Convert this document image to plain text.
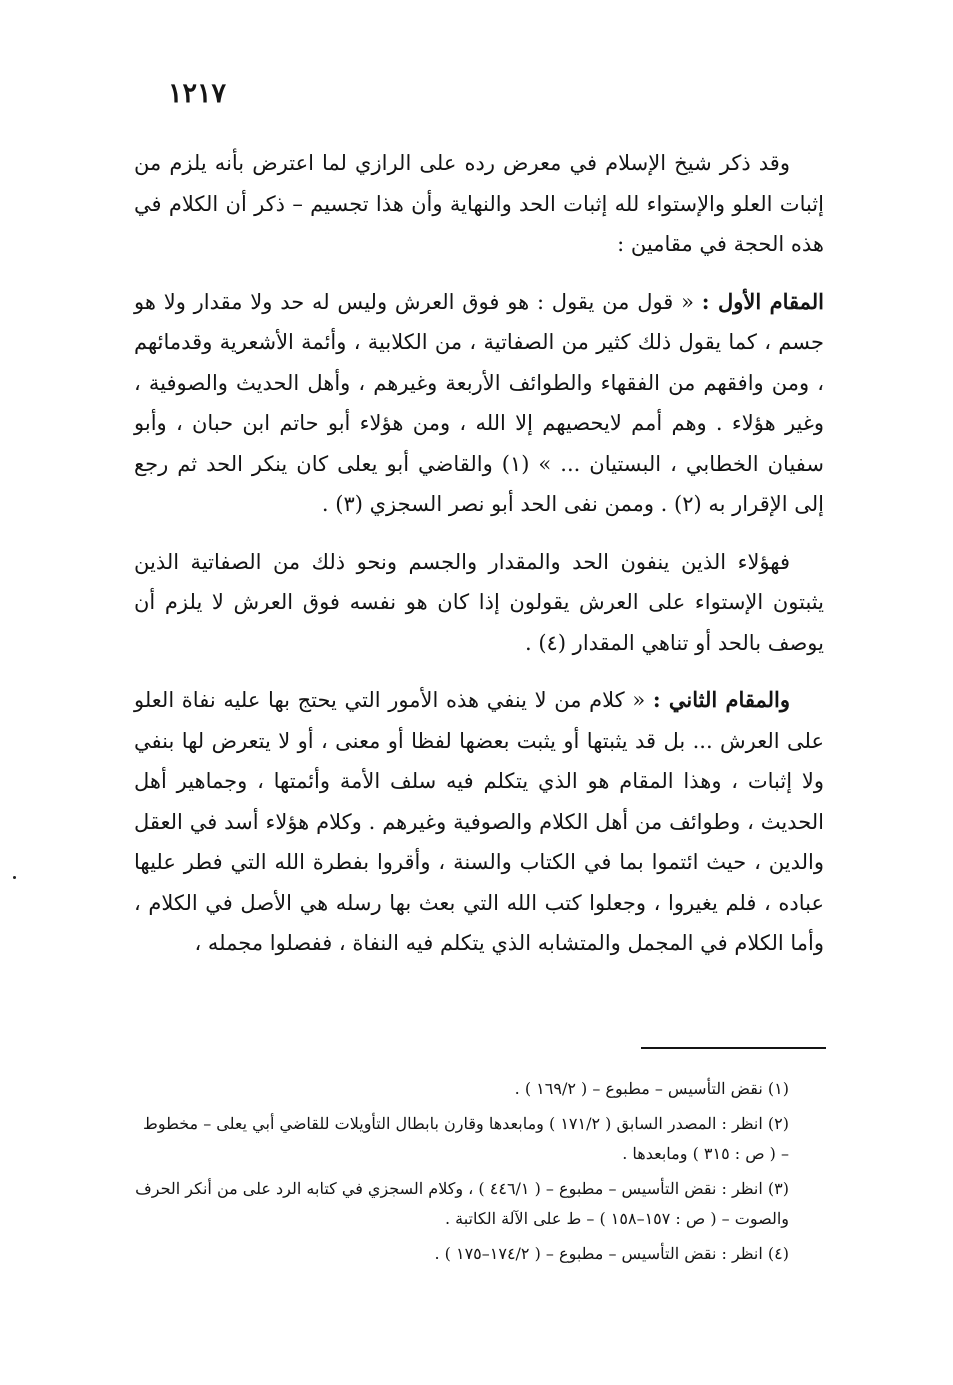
١٢١٧

وقد ذكر شيخ الإسلام في معرض رده على الرازي لما اعترض بأنه يلزم من إثبات العلو والإستواء لله إثبات الحد والنهاية وأن هذا تجسيم – ذكر أن الكلام في هذه الحجة في مقامين :

المقام الأول : « قول من يقول : هو فوق العرش وليس له حد ولا مقدار ولا هو جسم ، كما يقول ذلك كثير من الصفاتية ، من الكلابية ، وأئمة الأشعرية وقدمائهم ، ومن وافقهم من الفقهاء والطوائف الأربعة وغيرهم ، وأهل الحديث والصوفية ، وغير هؤلاء . وهم أمم لايحصيهم إلا الله ، ومن هؤلاء أبو حاتم ابن حبان ، وأبو سفيان الخطابي ، البستيان ... » (١) والقاضي أبو يعلى كان ينكر الحد ثم رجع إلى الإقرار به (٢) . وممن نفى الحد أبو نصر السجزي (٣) .

فهؤلاء الذين ينفون الحد والمقدار والجسم ونحو ذلك من الصفاتية الذين يثبتون الإستواء على العرش يقولون إذا كان هو نفسه فوق العرش لا يلزم أن يوصف بالحد أو تناهي المقدار (٤) .

والمقام الثاني : « كلام من لا ينفي هذه الأمور التي يحتج بها عليه نفاة العلو على العرش ... بل قد يثبتها أو يثبت بعضها لفظا أو معنى ، أو لا يتعرض لها بنفي ولا إثبات ، وهذا المقام هو الذي يتكلم فيه سلف الأمة وأئمتها ، وجماهير أهل الحديث ، وطوائف من أهل الكلام والصوفية وغيرهم . وكلام هؤلاء أسد في العقل والدين ، حيث ائتموا بما في الكتاب والسنة ، وأقروا بفطرة الله التي فطر عليها عباده ، فلم يغيروا ، وجعلوا كتب الله التي بعث بها رسله هي الأصل في الكلام ، وأما الكلام في المجمل والمتشابه الذي يتكلم فيه النفاة ، ففصلوا مجمله ،

(١) نقض التأسيس – مطبوع – ( ١٦٩/٢ ) .

(٢) انظر : المصدر السابق ( ١٧١/٢ ) ومابعدها وقارن بابطال التأويلات للقاضي أبي يعلى – مخطوط – ( ص : ٣١٥ ) ومابعدها .

(٣) انظر : نقض التأسيس – مطبوع – ( ٤٤٦/١ ) ، وكلام السجزي في كتابه الرد على من أنكر الحرف والصوت – ( ص : ١٥٧–١٥٨ ) – ط على الآلة الكاتبة .

(٤) انظر : نقض التأسيس – مطبوع – ( ١٧٤/٢–١٧٥ ) .
